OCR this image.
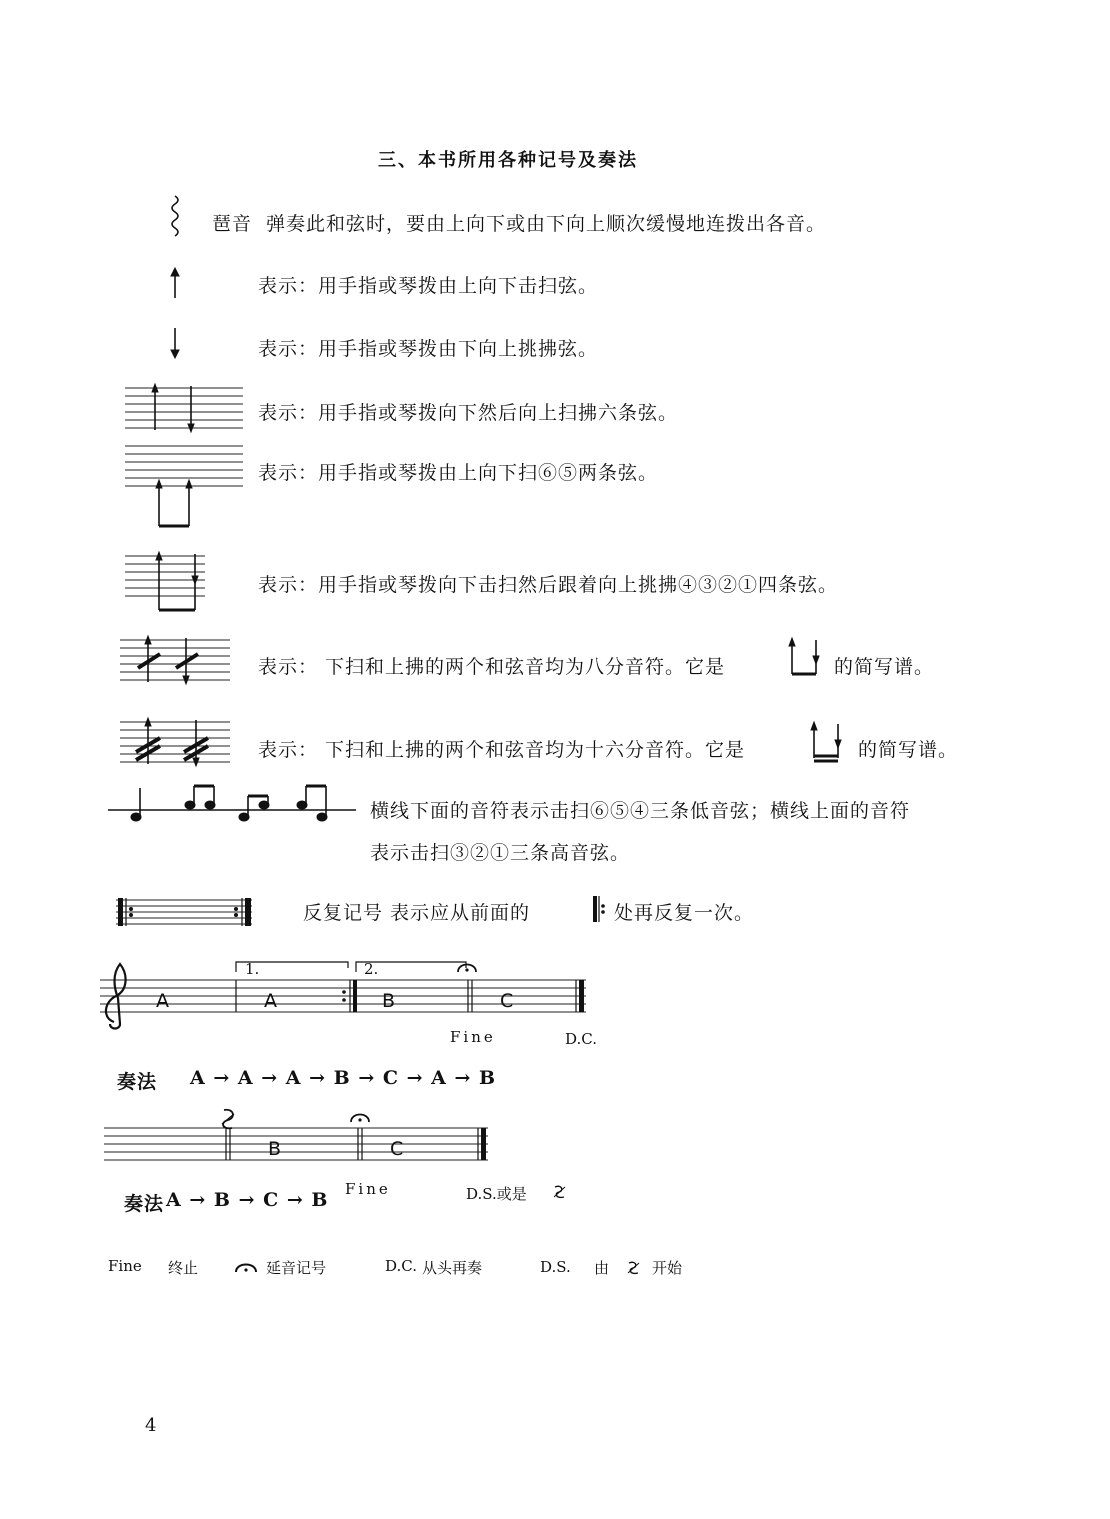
三、本书所用各种记号及奏法
琶音 弹奏此和弦时，要由上向下或由下向上顺次缓慢地连拨出各音。
表示：用手指或琴拨由上向下击扫弦。
表示：用手指或琴拨由下向上挑拂弦。
表示：用手指或琴拨向下然后向上扫拂六条弦。
表示：用手指或琴拨由上向下扫⑥⑤两条弦。
表示：用手指或琴拨向下击扫然后跟着向上挑拂④③②①四条弦。
表示： 下扫和上拂的两个和弦音均为八分音符。它是	的简写谱。
表示： 下扫和上拂的两个和弦音均为十六分音符。它是	的简写谱。
横线下面的音符表示击扫⑥⑤④三条低音弦；横线上面的音符
表示击扫③②①三条高音弦。
反复记号 表示应从前面的	处再反复一次。
1.	2.
A	A	B	C
Fine	D.C.
奏法 A → A → A → B → C → A → B
B	C
Fine	D.S.或是
奏法 A → B → C → B
Fine 终止	延音记号	D.C. 从头再奏	D.S. 由	开始
4
